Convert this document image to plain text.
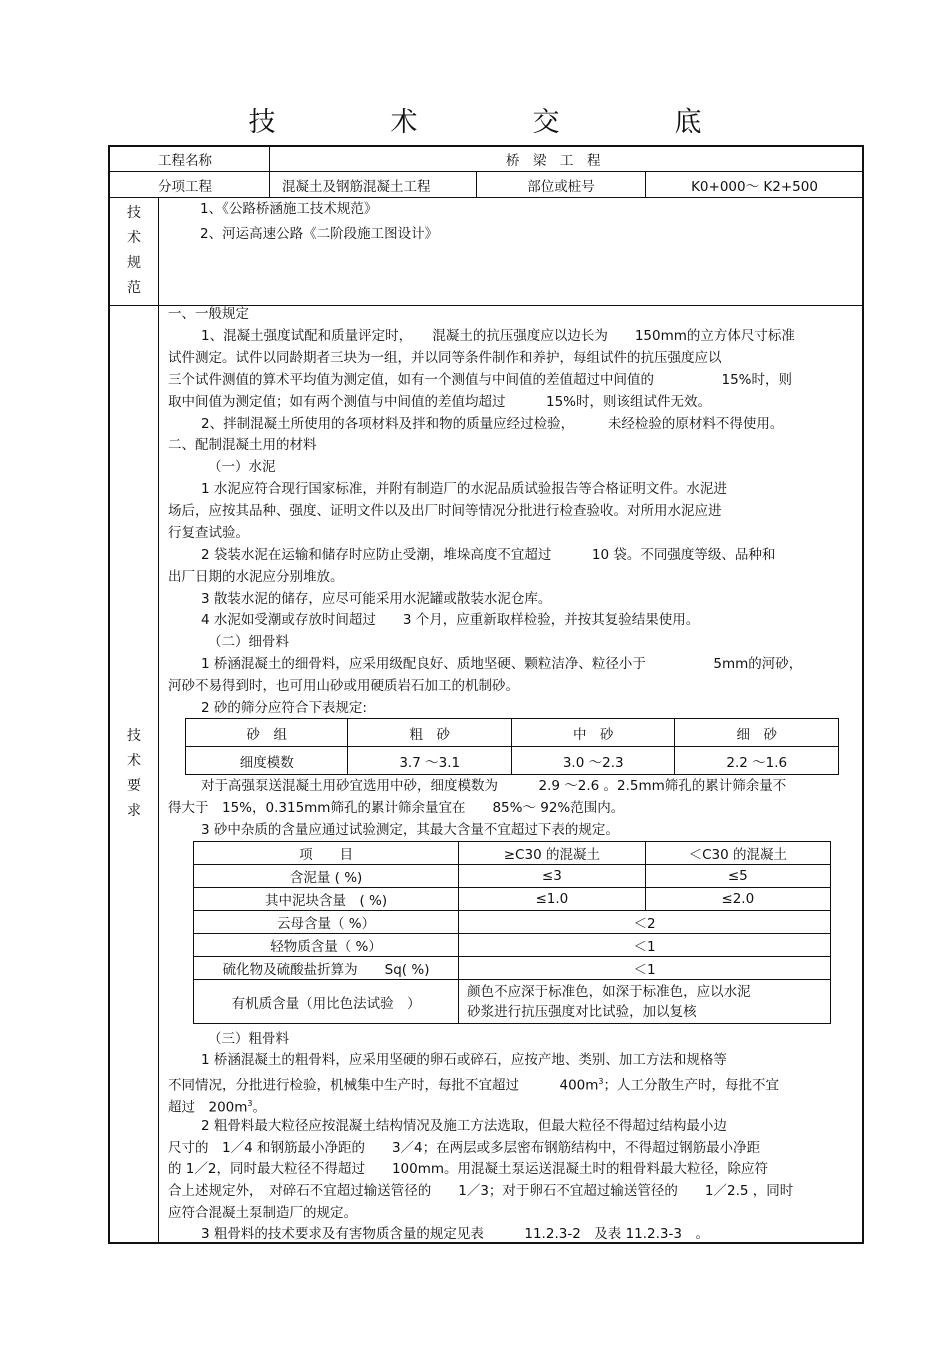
技　术　交　底
工程名称	桥　梁　工　程
分项工程	混凝土及钢筋混凝土工程	部位或桩号	K0+000～ K2+500
技
术
规
范
1、《公路桥涵施工技术规范》
2、河运高速公路《二阶段施工图设计》
技
术
要
求
一、一般规定
1、混凝土强度试配和质量评定时，　　混凝土的抗压强度应以边长为　　150mm的立方体尺寸标准
试件测定。试件以同龄期者三块为一组，并以同等条件制作和养护，每组试件的抗压强度应以
三个试件测值的算术平均值为测定值，如有一个测值与中间值的差值超过中间值的　　　　　15%时，则
取中间值为测定值；如有两个测值与中间值的差值均超过　　　15%时，则该组试件无效。
2、拌制混凝土所使用的各项材料及拌和物的质量应经过检验，　　　未经检验的原材料不得使用。
二、配制混凝土用的材料
（一）水泥
1 水泥应符合现行国家标准，并附有制造厂的水泥品质试验报告等合格证明文件。水泥进
场后，应按其品种、强度、证明文件以及出厂时间等情况分批进行检查验收。对所用水泥应进
行复查试验。
2 袋装水泥在运输和储存时应防止受潮，堆垛高度不宜超过　　　10 袋。不同强度等级、品种和
出厂日期的水泥应分别堆放。
3 散装水泥的储存，应尽可能采用水泥罐或散装水泥仓库。
4 水泥如受潮或存放时间超过　　3 个月，应重新取样检验，并按其复验结果使用。
（二）细骨料
1 桥涵混凝土的细骨料，应采用级配良好、质地坚硬、颗粒洁净、粒径小于　　　　　5mm的河砂，
河砂不易得到时，也可用山砂或用硬质岩石加工的机制砂。
2 砂的筛分应符合下表规定:
砂　组	粗　砂	中　砂	细　砂
细度模数	3.7 ～3.1	3.0 ～2.3	2.2 ～1.6
对于高强泵送混凝土用砂宜选用中砂，细度模数为　　　2.9 ～2.6 。2.5mm筛孔的累计筛余量不
得大于　15%，0.315mm筛孔的累计筛余量宜在　　85%～ 92%范围内。
3 砂中杂质的含量应通过试验测定，其最大含量不宜超过下表的规定。
项　　目	≥C30 的混凝土	＜C30 的混凝土
含泥量 ( %)	≤3	≤5
其中泥块含量　( %)	≤1.0	≤2.0
云母含量（ %）	＜2	
轻物质含量（ %）	＜1	
硫化物及硫酸盐折算为　　Sq( %)	＜1	
有机质含量（用比色法试验　）	颜色不应深于标准色，如深于标准色，应以水泥
砂浆进行抗压强度对比试验，加以复核	
（三）粗骨料
1 桥涵混凝土的粗骨料，应采用坚硬的卵石或碎石，应按产地、类别、加工方法和规格等
不同情况，分批进行检验，机械集中生产时，每批不宜超过　　　$400m^3$；人工分散生产时，每批不宜
超过　$200m^3$。
2 粗骨料最大粒径应按混凝土结构情况及施工方法选取，但最大粒径不得超过结构最小边
尺寸的　1／4 和钢筋最小净距的　　3／4；在两层或多层密布钢筋结构中，不得超过钢筋最小净距
的 1／2，同时最大粒径不得超过　　100mm。用混凝土泵运送混凝土时的粗骨料最大粒径，除应符
合上述规定外，　对碎石不宜超过输送管径的　　1／3；对于卵石不宜超过输送管径的　　1／2.5 ，同时
应符合混凝土泵制造厂的规定。
3 粗骨料的技术要求及有害物质含量的规定见表　　　11.2.3-2　及表 11.2.3-3　。
